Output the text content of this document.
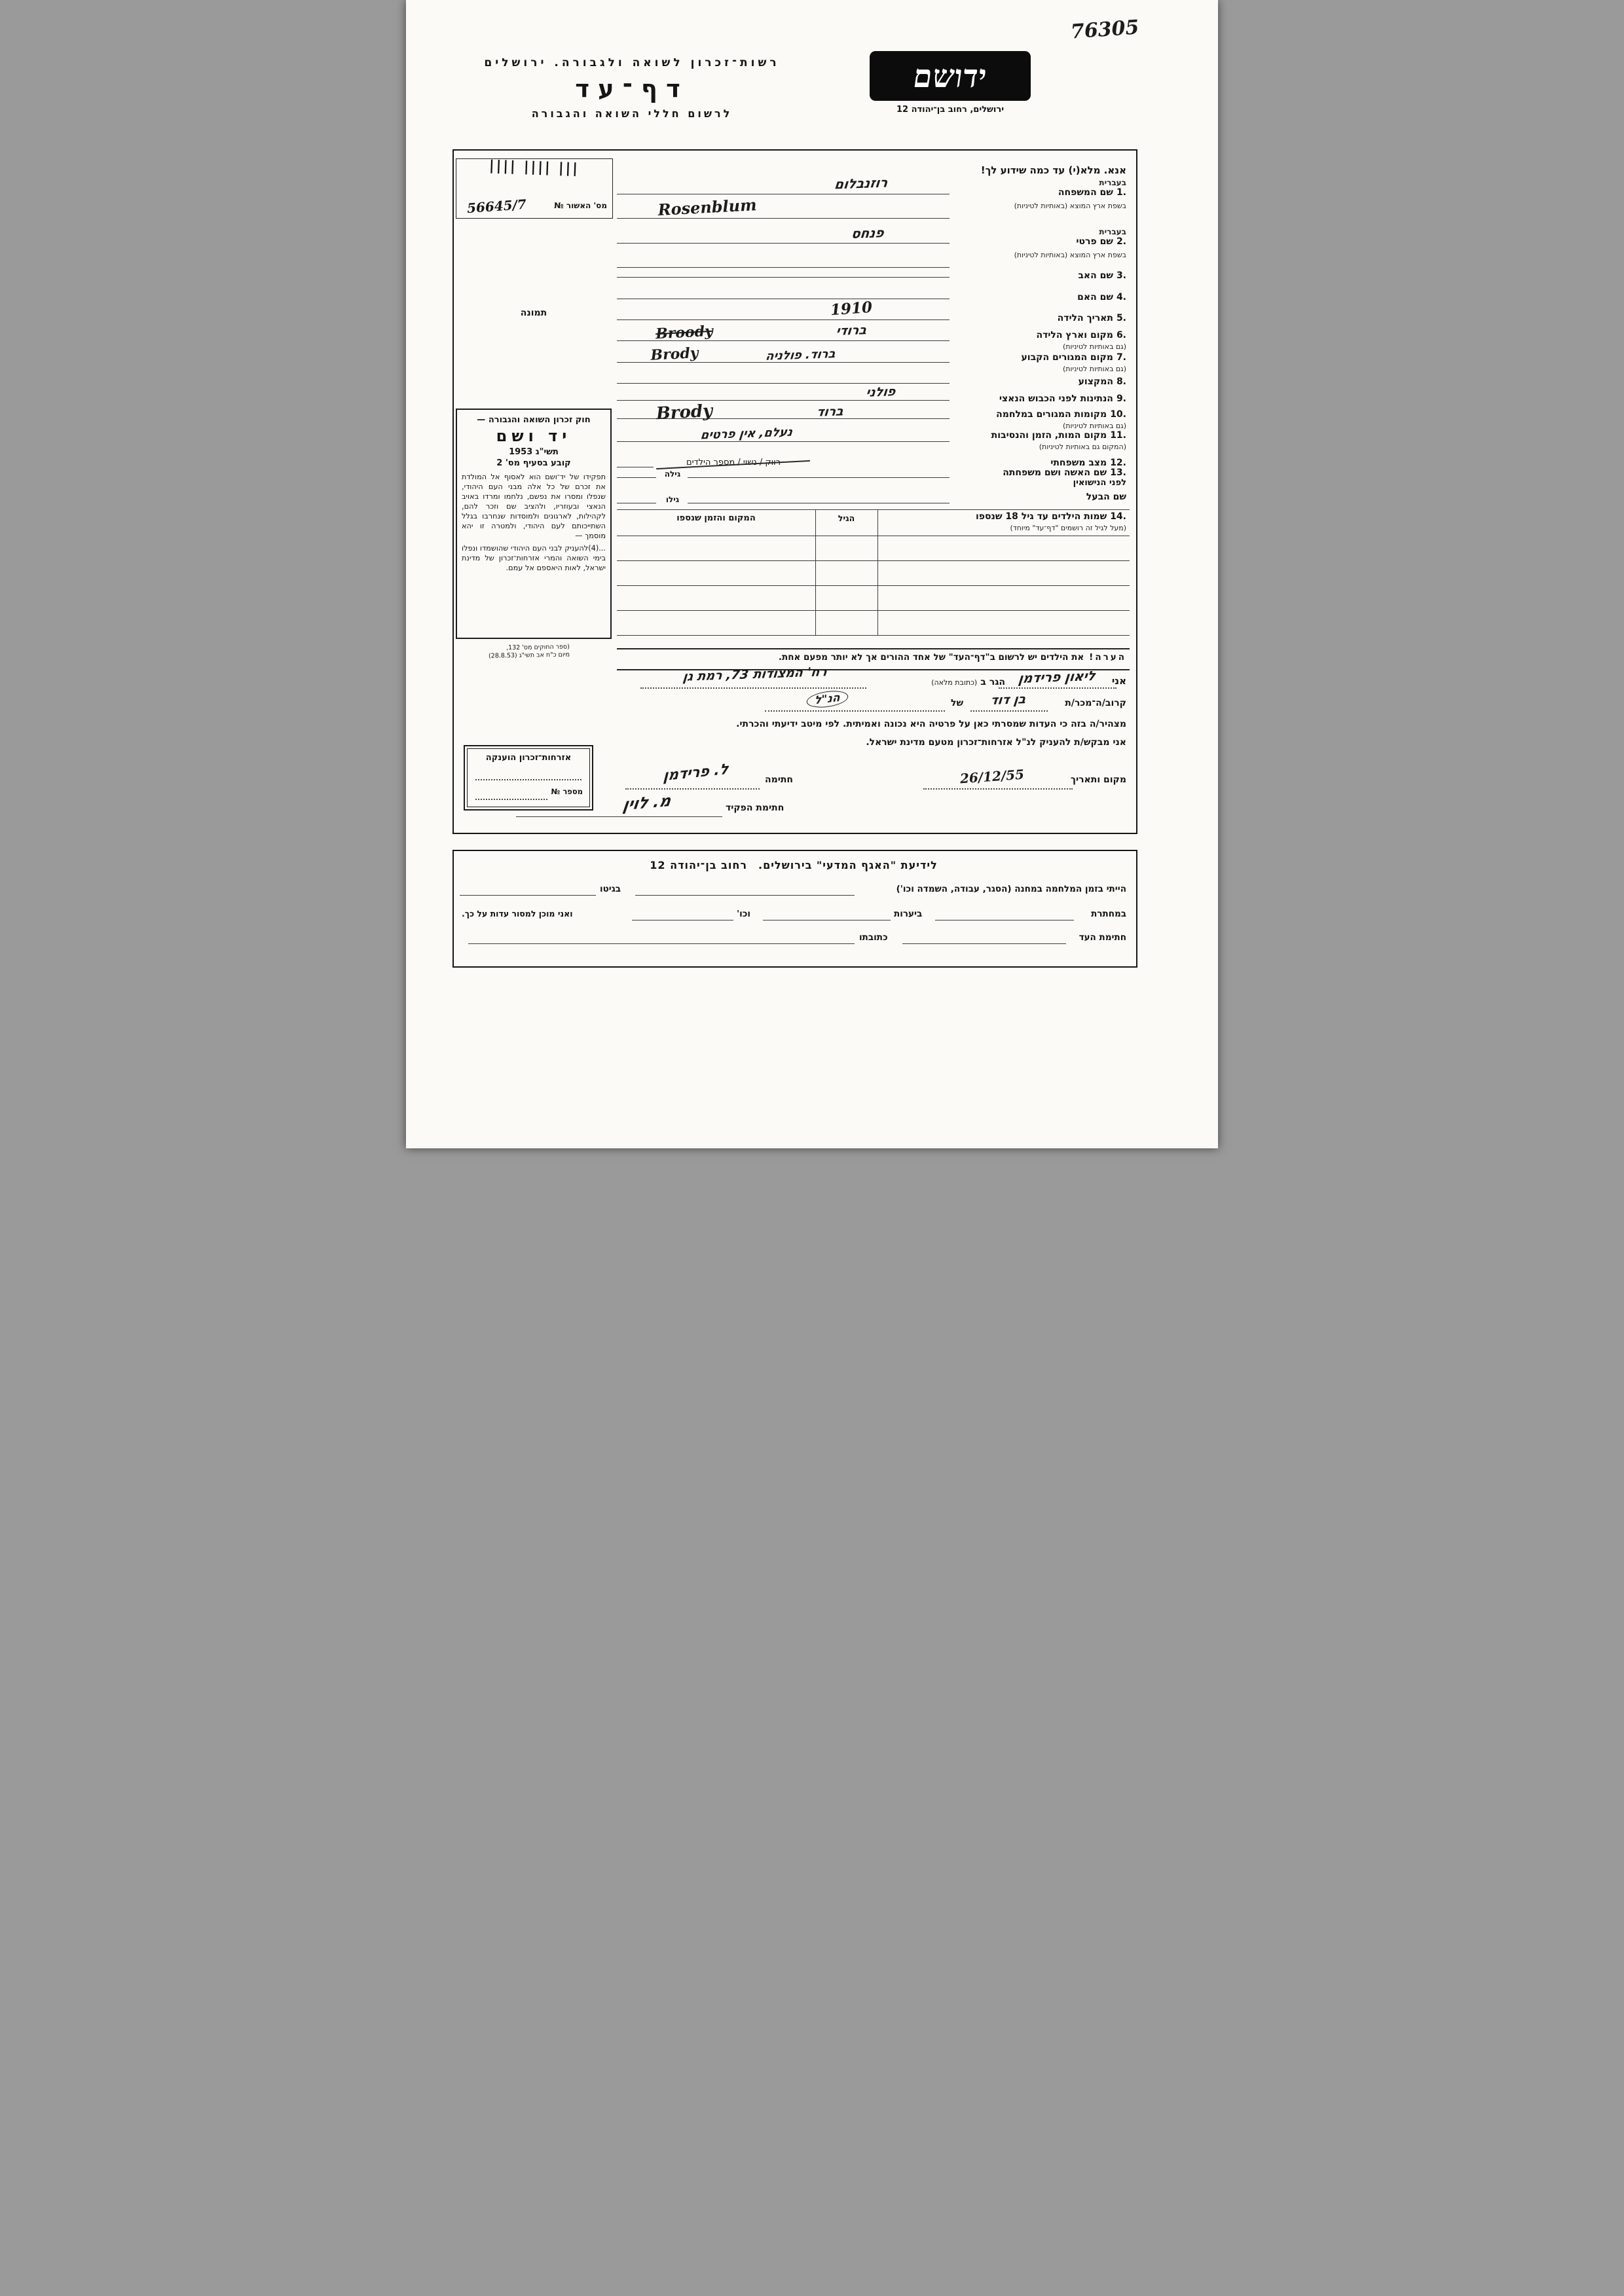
76305
רשות־זכרון לשואה ולגבורה. ירושלים
דף־עד
לרשום חללי השואה והגבורה
ידושם
ירושלים, רחוב בן־יהודה 12
|||| |||| |||
מס' האשור №
56645/7
תמונה
חוק זכרון השואה והגבורה —
יד ושם
תשי"ג 1953
קובע בסעיף מס' 2

תפקידו של יד־ושם הוא לאסוף אל המולדת את זכרם של כל אלה מבני העם היהודי, שנפלו ומסרו את נפשם, נלחמו ומרדו באויב הנאצי ובעוזריו, ולהציב שם וזכר להם, לקהילות, לארגונים ולמוסדות שנחרבו בגלל השתייכותם לעם היהודי, ולמטרה זו יהא מוסמך —

...(4)להעניק לבני העם היהודי שהושמדו ונפלו בימי השואה והמרי אזרחות־זכרון של מדינת ישראל, לאות היאספם אל עמם.

(ספר החוקים מס' 132,
מיום כ"ח אב תשי"ג (28.8.53)
אנא. מלא(י) עד כמה שידוע לך!
בעברית
1.שם המשפחה
בשפת ארץ המוצא (באותיות לטיניות)
רוזנבלום
Rosenblum
בעברית
2.שם פרטי
בשפת ארץ המוצא (באותיות לטיניות)
פנחס
3.שם האב
4.שם האם
5.תאריך הלידה
1910
6.מקום וארץ הלידה
(גם באותיות לטיניות)
ברודי
Broody
7.מקום המגורים הקבוע
(גם באותיות לטיניות)
Brody	ברוד. פולניה
8.המקצוע
9.הנתינות לפני הכבוש הנאצי
פולני
10.מקומות המגורים במלחמה
(גם באותיות לטיניות)
ברוד
Brody
11.מקום המות, הזמן והנסיבות
(המקום גם באותיות לטיניות)
נעלם, אין פרטים
12.מצב משפחתי
רווק / נשוי / מספר הילדים
13.שם האשה ושם משפחתה
לפני הנישואין
גילה
שם הבעל
גילו
14.שמות הילדים עד גיל 18 שנספו
(מעל לגיל זה רושמים "דף־עד" מיוחד)
הגיל
המקום והזמן שנספו
הערה!את הילדים יש לרשום ב"דף־העד" של אחד ההורים אך לא יותר מפעם אחת.
אני
ליאון פרידמן
הגר ב (כתובת מלאה)
רח' המצודות 73, רמת גן
קרוב/ה־מכר/ת
בן דוד
של
הנ"ל
מצהיר/ה בזה כי העדות שמסרתי כאן על פרטיה היא נכונה ואמיתית. לפי מיטב ידיעתי והכרתי.
אני מבקש/ת להעניק לנ"ל אזרחות־זכרון מטעם מדינת ישראל.
מקום ותאריך
26/12/55
חתימה
ל. פרידמן
חתימת הפקיד
מ. לוין
אזרחות־זכרון הוענקה
מספר №
לידיעת "האגף המדעי" בירושלים. רחוב בן־יהודה 12
הייתי בזמן המלחמה במחנה (הסגר, עבודה, השמדה וכו')
בגיטו
במחתרת
ביערות
וכו'
ואני מוכן למסור עדות על כך.
חתימת העד
כתובתו
